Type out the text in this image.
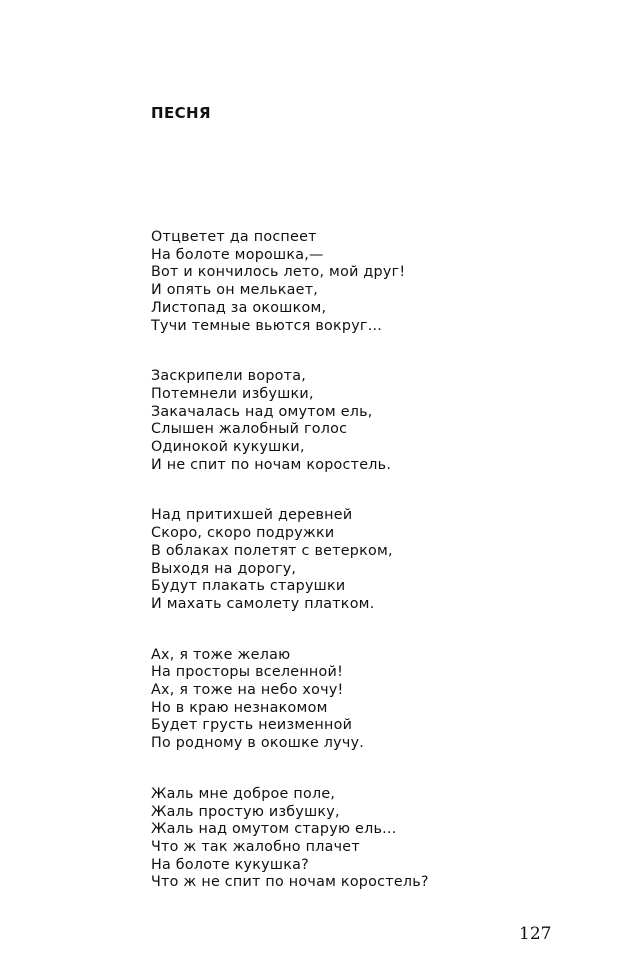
ПЕСНЯ
Отцветет да поспеет
На болоте морошка,—
Вот и кончилось лето, мой друг!
И опять он мелькает,
Листопад за окошком,
Тучи темные вьются вокруг...
Заскрипели ворота,
Потемнели избушки,
Закачалась над омутом ель,
Слышен жалобный голос
Одинокой кукушки,
И не спит по ночам коростель.
Над притихшей деревней
Скоро, скоро подружки
В облаках полетят с ветерком,
Выходя на дорогу,
Будут плакать старушки
И махать самолету платком.
Ах, я тоже желаю
На просторы вселенной!
Ах, я тоже на небо хочу!
Но в краю незнакомом
Будет грусть неизменной
По родному в окошке лучу.
Жаль мне доброе поле,
Жаль простую избушку,
Жаль над омутом старую ель...
Что ж так жалобно плачет
На болоте кукушка?
Что ж не спит по ночам коростель?
127
